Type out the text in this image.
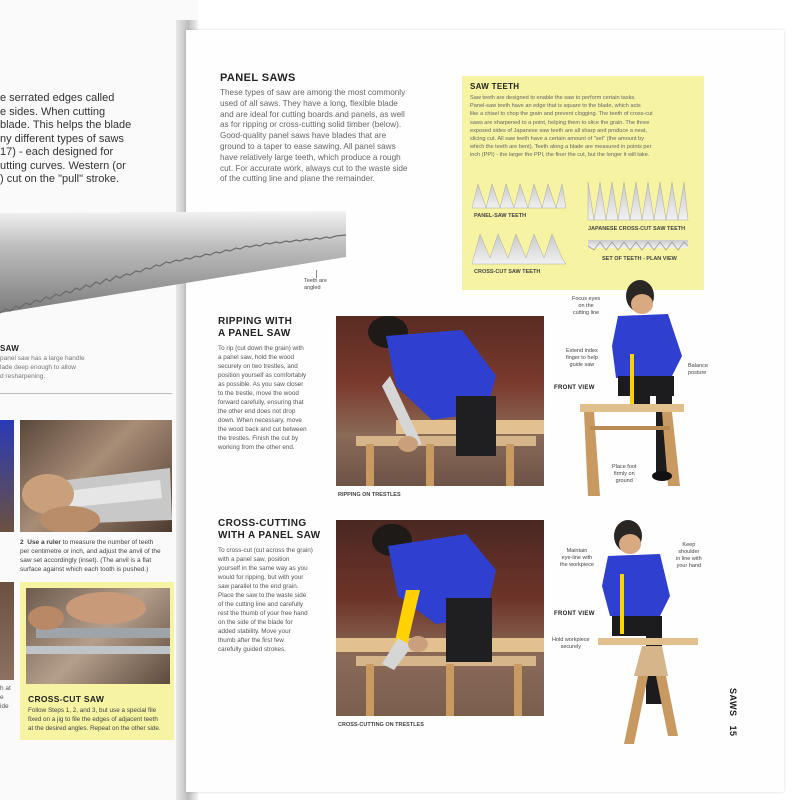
e serrated edges called
e sides. When cutting
blade. This helps the blade
ny different types of saws
17) - each designed for
utting curves. Western (or
) cut on the "pull" stroke.
SAW
panel saw has a large handle
lade deep enough to allow
d resharpening.
2 Use a ruler to measure the number of teeth
per centimetre or inch, and adjust the anvil of the
saw set accordingly (inset). (The anvil is a flat
surface against which each tooth is pushed.)
h at
e
ide
CROSS-CUT SAW
Follow Steps 1, 2, and 3, but use a special file
fixed on a jig to file the edges of adjacent teeth
at the desired angles. Repeat on the other side.
Teeth are
angled
PANEL SAWS
These types of saw are among the most commonly
used of all saws. They have a long, flexible blade
and are ideal for cutting boards and panels, as well
as for ripping or cross-cutting solid timber (below).
Good-quality panel saws have blades that are
ground to a taper to ease sawing. All panel saws
have relatively large teeth, which produce a rough
cut. For accurate work, always cut to the waste side
of the cutting line and plane the remainder.
SAW TEETH
Saw teeth are designed to enable the saw to perform certain tasks.
Panel-saw teeth have an edge that is square to the blade, which acts
like a chisel to chop the grain and prevent clogging. The teeth of cross-cut
saws are sharpened to a point, helping them to slice the grain. The three
exposed sides of Japanese saw teeth are all sharp and produce a neat,
slicing cut. All saw teeth have a certain amount of "set" (the amount by
which the teeth are bent). Teeth along a blade are measured in points per
inch (PPI) - the larger the PPI, the finer the cut, but the longer it will take.
PANEL-SAW TEETH
JAPANESE CROSS-CUT SAW TEETH
CROSS-CUT SAW TEETH
SET OF TEETH - PLAN VIEW
RIPPING WITH
A PANEL SAW
To rip (cut down the grain) with
a panel saw, hold the wood
securely on two trestles, and
position yourself as comfortably
as possible. As you saw closer
to the trestle, move the wood
forward carefully, ensuring that
the other end does not drop
down. When necessary, move
the wood back and cut between
the trestles. Finish the cut by
working from the other end.
RIPPING ON TRESTLES
Focus eyes
on the
cutting line
Extend index
finger to help
guide saw	Balance
posture
FRONT VIEW
Place foot
firmly on
ground
CROSS-CUTTING
WITH A PANEL SAW
To cross-cut (cut across the grain)
with a panel saw, position
yourself in the same way as you
would for ripping, but with your
saw parallel to the end grain.
Place the saw to the waste side
of the cutting line and carefully
rest the thumb of your free hand
on the side of the blade for
added stability. Move your
thumb after the first few
carefully guided strokes.
CROSS-CUTTING ON TRESTLES
Maintain
eye-line with
the workpiece
Keep
shoulder
in line with
your hand
FRONT VIEW
Hold workpiece
securely
SAWS   15
